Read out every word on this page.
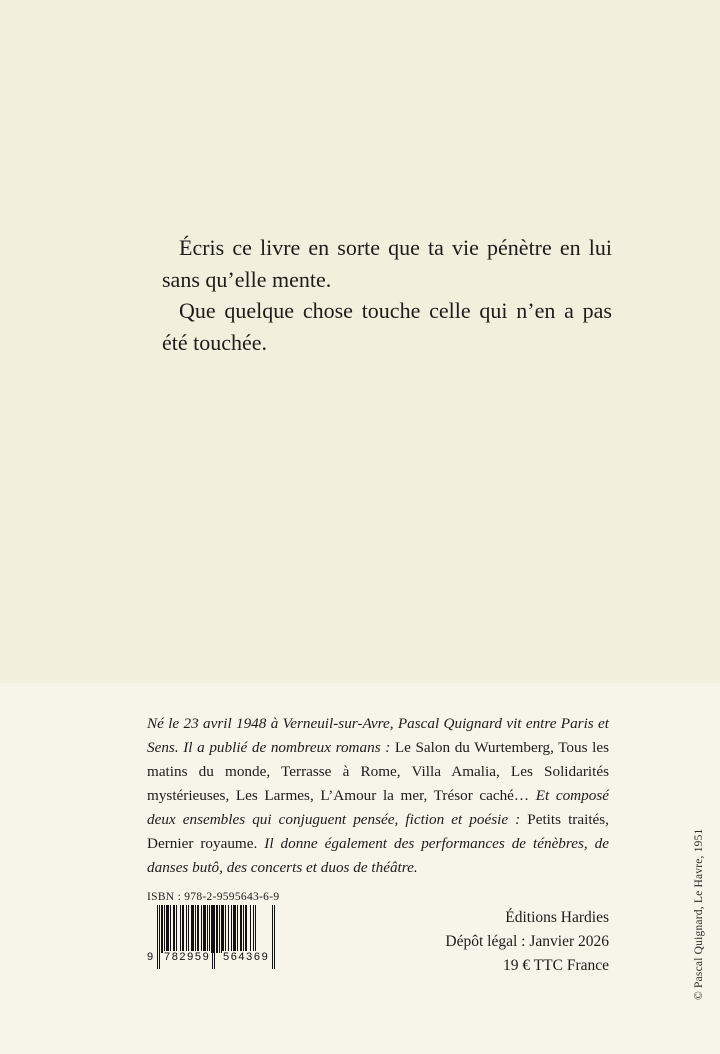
Écris ce livre en sorte que ta vie pénètre en lui sans qu’elle mente.

Que quelque chose touche celle qui n’en a pas été touchée.

Né le 23 avril 1948 à Verneuil-sur-Avre, Pascal Quignard vit entre Paris et Sens. Il a publié de nombreux romans : Le Salon du Wurtemberg, Tous les matins du monde, Terrasse à Rome, Villa Amalia, Les Solidarités mystérieuses, Les Larmes, L’Amour la mer, Trésor caché… Et composé deux ensembles qui conjuguent pensée, fiction et poésie : Petits traités, Dernier royaume. Il donne également des performances de ténèbres, de danses butô, des concerts et duos de théâtre.

ISBN : 978-2-9595643-6-9
9 782959 564369
Éditions Hardies
Dépôt légal : Janvier 2026
19 € TTC France	© Pascal Quignard, Le Havre, 1951
